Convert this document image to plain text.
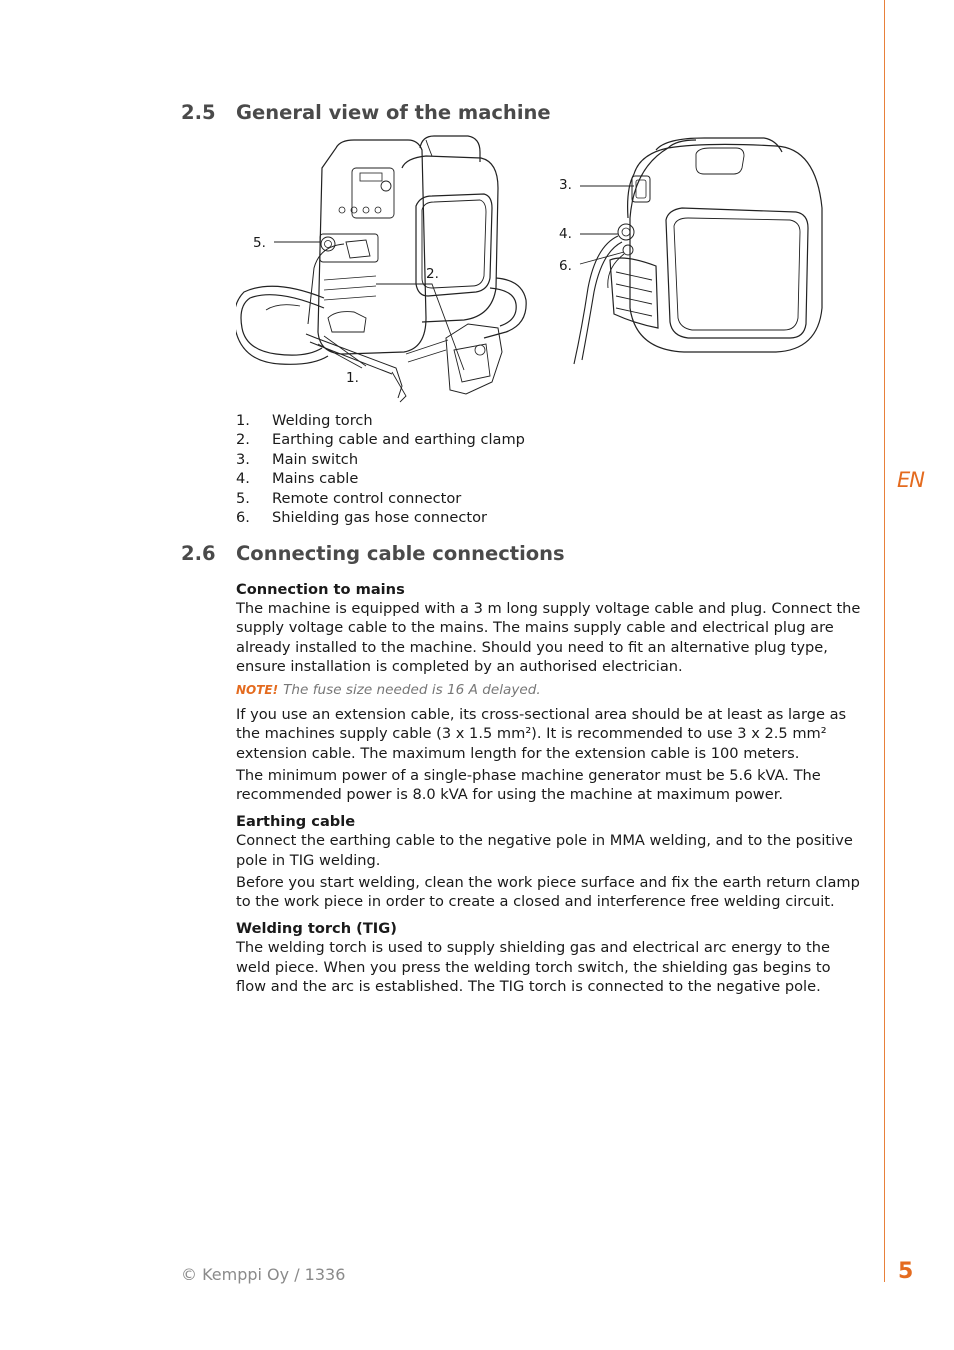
EN
2.5 General view of the machine
5.
2.
1.
3.
4.
6.
1.	Welding torch
2.	Earthing cable and earthing clamp
3.	Main switch
4.	Mains cable
5.	Remote control connector
6.	Shielding gas hose connector
2.6 Connecting cable connections

Connection to mains

The machine is equipped with a 3 m long supply voltage cable and plug. Connect the supply voltage cable to the mains. The mains supply cable and electrical plug are already installed to the machine. Should you need to fit an alternative plug type, ensure installation is completed by an authorised electrician.

NOTE! The fuse size needed is 16 A delayed.

If you use an extension cable, its cross-sectional area should be at least as large as the machines supply cable (3 x 1.5 mm²). It is recommended to use 3 x 2.5 mm² extension cable. The maximum length for the extension cable is 100 meters.

The minimum power of a single-phase machine generator must be 5.6 kVA. The recommended power is 8.0 kVA for using the machine at maximum power.

Earthing cable

Connect the earthing cable to the negative pole in MMA welding, and to the positive pole in TIG welding.

Before you start welding, clean the work piece surface and fix the earth return clamp to the work piece in order to create a closed and interference free welding circuit.

Welding torch (TIG)

The welding torch is used to supply shielding gas and electrical arc energy to the weld piece. When you press the welding torch switch, the shielding gas begins to flow and the arc is established. The TIG torch is connected to the negative pole.

© Kemppi Oy / 1336	5
